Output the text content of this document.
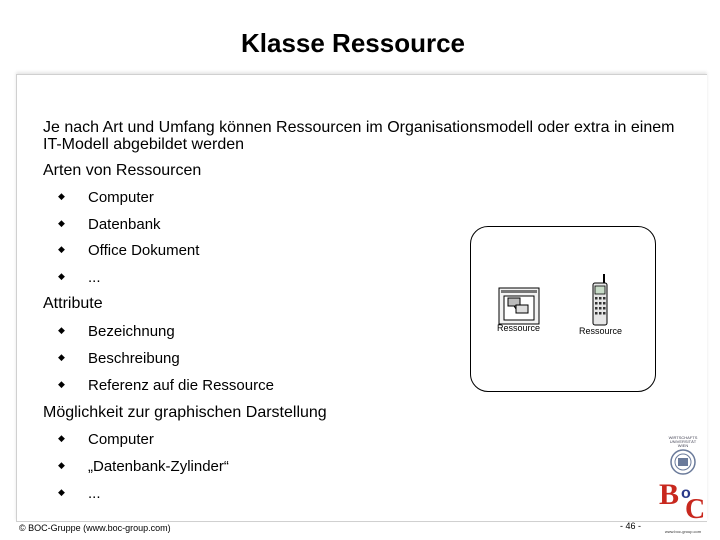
Klasse Ressource
Je nach Art und Umfang können Ressourcen im Organisationsmodell oder extra in einem IT-Modell abgebildet werden
Arten von Ressourcen
◆ Computer
◆ Datenbank
◆ Office Dokument
◆ ...
Attribute
◆ Bezeichnung
◆ Beschreibung
◆ Referenz auf die Ressource
Möglichkeit zur graphischen Darstellung
◆ Computer
◆ „Datenbank-Zylinder“
◆ ...
Ressource	Ressource
© BOC-Gruppe (www.boc-group.com)	- 46 -
WIRTSCHAFTS
UNIVERSITÄT
WIEN
B o
C
www.boc-group.com
